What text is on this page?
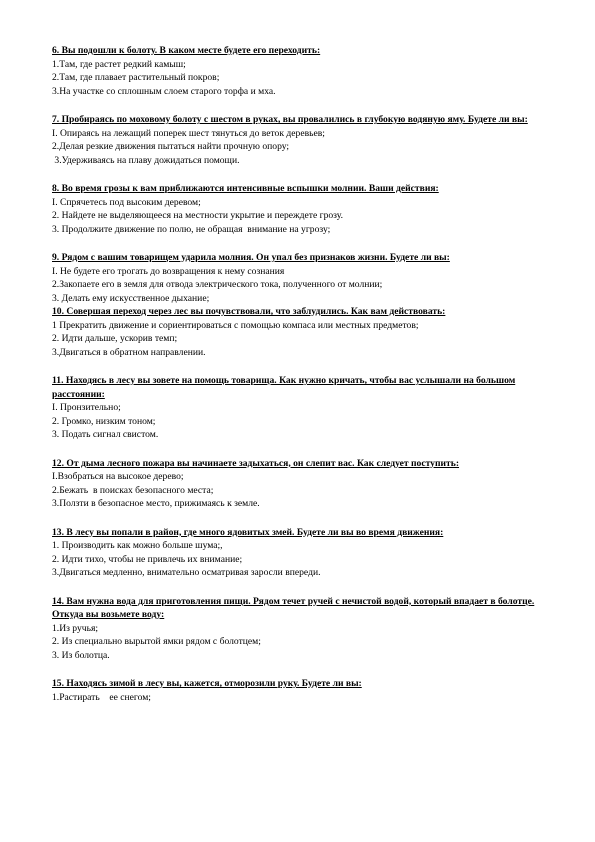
6. Вы подошли к болоту. В каком месте будете его переходить:

1.Там, где растет редкий камыш;

2.Там, где плавает растительный покров;

3.На участке со сплошным слоем старого торфа и мха.

7. Пробираясь по моховому болоту с шестом в руках, вы провалились в глубокую водяную яму. Будете ли вы:

I. Опираясь на лежащий поперек шест тянуться до веток деревьев;

2.Делая резкие движения пытаться найти прочную опору;

3.Удерживаясь на плаву дожидаться помощи.

8. Во время грозы к вам приближаются интенсивные вспышки молнии. Ваши действия:

I. Спрячетесь под высоким деревом;

2. Найдете не выделяющееся на местности укрытие и переждете грозу.

3. Продолжите движение по полю, не обращая  внимание на угрозу;

9. Рядом с вашим товарищем ударила молния. Он упал без признаков жизни. Будете ли вы:

I. Не будете его трогать до возвращения к нему сознания

2.Закопаете его в земля для отвода электрического тока, полученного от молнии;

3. Делать ему искусственное дыхание;

10. Совершая переход через лес вы почувствовали, что заблудились. Как вам действовать:

1 Прекратить движение и сориентироваться с помощью компаса или местных предметов;

2. Идти дальше, ускорив темп;

3.Двигаться в обратном направлении.

11. Находясь в лесу вы зовете на помощь товарища. Как нужно кричать, чтобы вас услышали на большом расстоянии:

I. Пронзительно;

2. Громко, низким тоном;

3. Подать сигнал свистом.

12. От дыма лесного пожара вы начинаете задыхаться, он слепит вас. Как следует поступить:

I.Взобраться на высокое дерево;

2.Бежать  в поисках безопасного места;

3.Ползти в безопасное место, прижимаясь к земле.

13. В лесу вы попали в район, где много ядовитых змей. Будете ли вы во время движения:

1. Производить как можно больше шума;,

2. Идти тихо, чтобы не привлечь их внимание;

3.Двигаться медленно, внимательно осматривая заросли впереди.

14. Вам нужна вода для приготовления пищи. Рядом течет ручей с нечистой водой, который впадает в болотце. Откуда вы возьмете воду:

1.Из ручья;

2. Из специально вырытой ямки рядом с болотцем;

3. Из болотца.

15. Находясь зимой в лесу вы, кажется, отморозили руку. Будете ли вы:

1.Растирать    ее снегом;
